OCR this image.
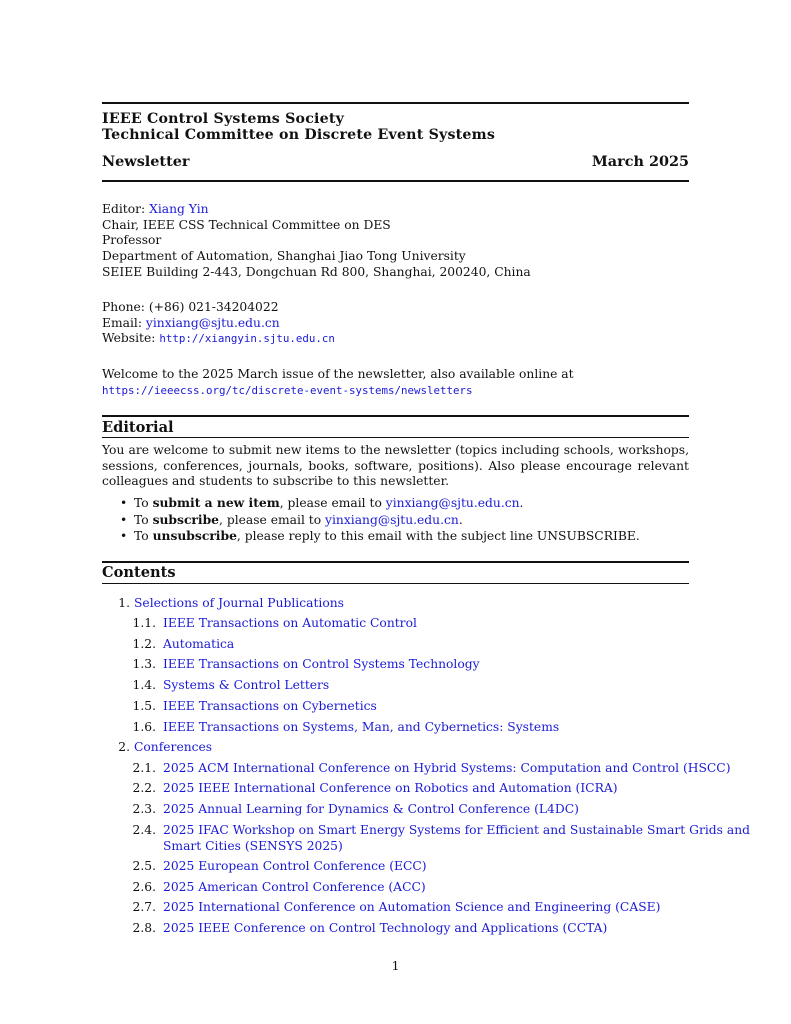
IEEE Control Systems Society
Technical Committee on Discrete Event Systems
Newsletter	March 2025
Editor: Xiang Yin
Chair, IEEE CSS Technical Committee on DES
Professor
Department of Automation, Shanghai Jiao Tong University
SEIEE Building 2-443, Dongchuan Rd 800, Shanghai, 200240, China
Phone: (+86) 021-34204022
Email: yinxiang@sjtu.edu.cn
Website: http://xiangyin.sjtu.edu.cn
Welcome to the 2025 March issue of the newsletter, also available online at
https://ieeecss.org/tc/discrete-event-systems/newsletters
Editorial
You are welcome to submit new items to the newsletter (topics including schools, workshops, sessions, conferences, journals, books, software, positions). Also please encourage relevant colleagues and students to subscribe to this newsletter.
• To submit a new item, please email to yinxiang@sjtu.edu.cn.
• To subscribe, please email to yinxiang@sjtu.edu.cn.
• To unsubscribe, please reply to this email with the subject line UNSUBSCRIBE.
Contents
1. Selections of Journal Publications
1.1. IEEE Transactions on Automatic Control
1.2. Automatica
1.3. IEEE Transactions on Control Systems Technology
1.4. Systems & Control Letters
1.5. IEEE Transactions on Cybernetics
1.6. IEEE Transactions on Systems, Man, and Cybernetics: Systems
2. Conferences
2.1. 2025 ACM International Conference on Hybrid Systems: Computation and Control (HSCC)
2.2. 2025 IEEE International Conference on Robotics and Automation (ICRA)
2.3. 2025 Annual Learning for Dynamics & Control Conference (L4DC)
2.4. 2025 IFAC Workshop on Smart Energy Systems for Efficient and Sustainable Smart Grids and
Smart Cities (SENSYS 2025)
2.5. 2025 European Control Conference (ECC)
2.6. 2025 American Control Conference (ACC)
2.7. 2025 International Conference on Automation Science and Engineering (CASE)
2.8. 2025 IEEE Conference on Control Technology and Applications (CCTA)
1
